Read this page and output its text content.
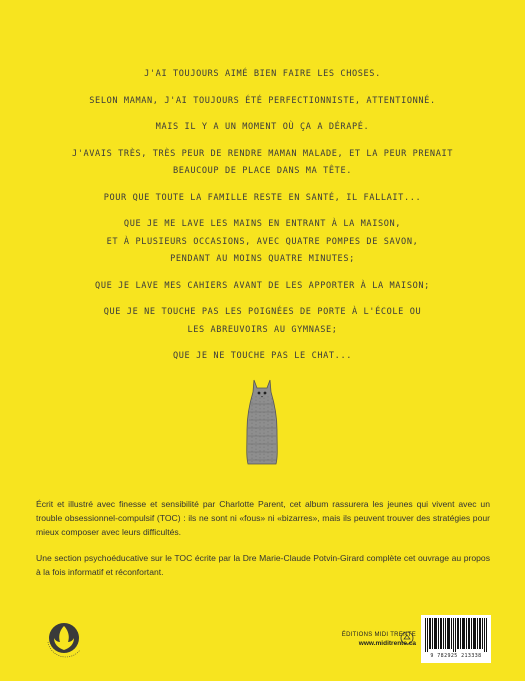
J'AI TOUJOURS AIMÉ BIEN FAIRE LES CHOSES.

SELON MAMAN, J'AI TOUJOURS ÉTÉ PERFECTIONNISTE, ATTENTIONNÉ.

MAIS IL Y A UN MOMENT OÙ ÇA A DÉRAPÉ.

J'AVAIS TRÈS, TRÈS PEUR DE RENDRE MAMAN MALADE, ET LA PEUR PRENAIT

BEAUCOUP DE PLACE DANS MA TÊTE.

POUR QUE TOUTE LA FAMILLE RESTE EN SANTÉ, IL FALLAIT...

QUE JE ME LAVE LES MAINS EN ENTRANT À LA MAISON,

ET À PLUSIEURS OCCASIONS, AVEC QUATRE POMPES DE SAVON,

PENDANT AU MOINS QUATRE MINUTES;

QUE JE LAVE MES CAHIERS AVANT DE LES APPORTER À LA MAISON;

QUE JE NE TOUCHE PAS LES POIGNÉES DE PORTE À L'ÉCOLE OU

LES ABREUVOIRS AU GYMNASE;

QUE JE NE TOUCHE PAS LE CHAT...

Écrit et illustré avec finesse et sensibilité par Charlotte Parent, cet album rassurera les jeunes qui vivent avec un trouble obsessionnel-compulsif (TOC) : ils ne sont ni «fous» ni «bizarres», mais ils peuvent trouver des stratégies pour mieux composer avec leurs difficultés.

Une section psychoéducative sur le TOC écrite par la Dre Marie-Claude Potvin-Girard complète cet ouvrage au propos à la fois informatif et réconfortant.

ÉDITIONS MIDI TRENTE
www.miditrente.ca
9 782925 213338
